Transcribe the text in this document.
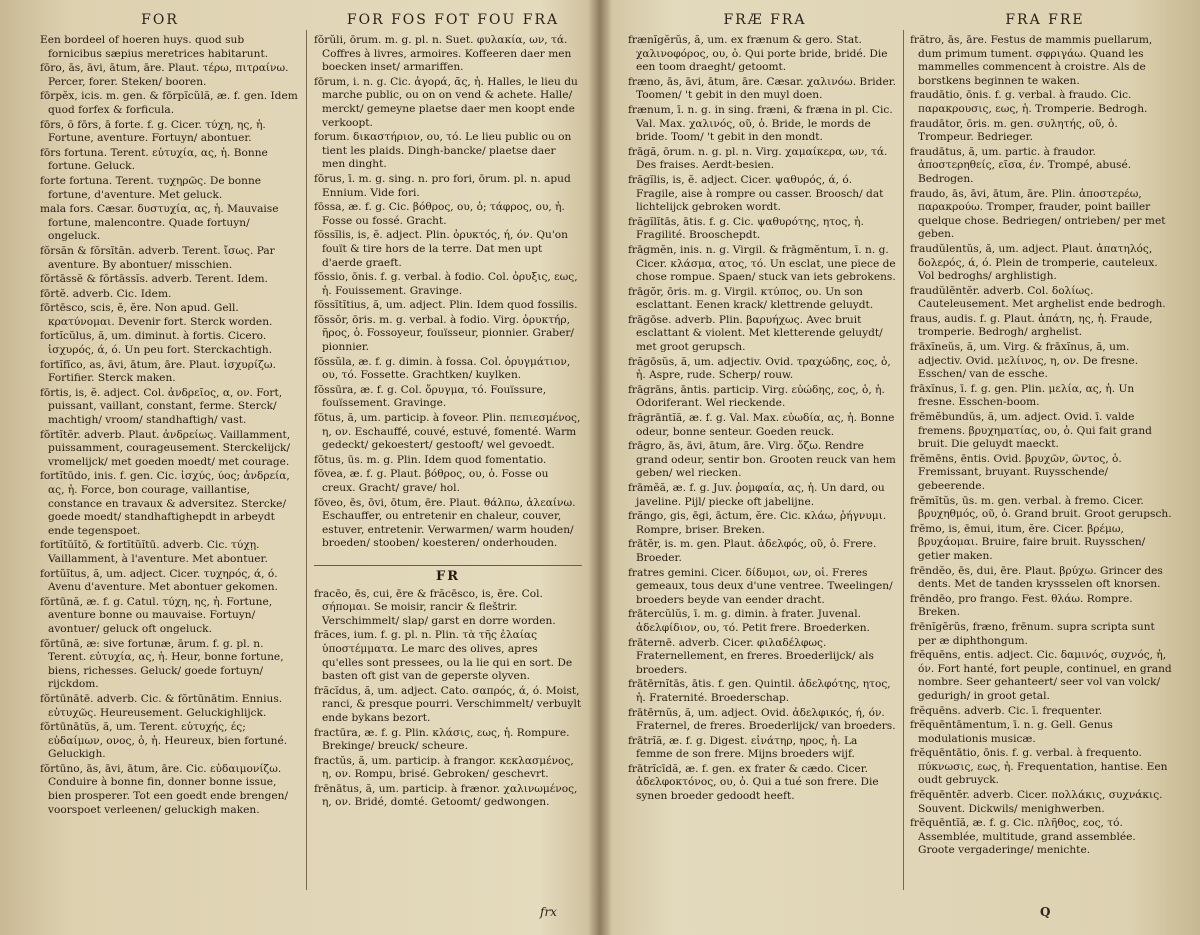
FOR	FOR FOS FOT FOU FRA	FRÆ FRA	FRA FRE
Een bordeel of hoeren huys. quod sub fornicibus sæpius meretrices habitarunt.
fōro, ās, āvi, ātum, āre. Plaut. τέρω, πιτραίνω. Percer, forer. Steken/ booren.
fōrpĕx, icis. m. gen. & fōrpĭcŭlă, æ. f. gen. Idem quod forfex & forficula.
fōrs, ō fōrs, ā forte. f. g. Cicer. τύχη, ης, ἡ. Fortune, aventure. Fortuyn/ abontuer.
fōrs fortuna. Terent. εὐτυχία, ας, ἡ. Bonne fortune. Geluck.
forte fortuna. Terent. τυχηρῶς. De bonne fortune, d'aventure. Met geluck.
mala fors. Cæsar. δυστυχία, ας, ἡ. Mauvaise fortune, malencontre. Quade fortuyn/ ongeluck.
fŏrsăn & fŏrsĭtăn. adverb. Terent. ἴσως. Par aventure. By abontuer/ misschien.
fŏrtāssĕ & fŏrtāssĭs. adverb. Terent. Idem.
fōrtĕ. adverb. Cic. Idem.
fōrtēsco, scis, ĕ, ĕre. Non apud. Gell. κρατύνομαι. Devenir fort. Sterck worden.
fortĭcŭlus, ă, um. diminut. à fortis. Cicero. ἰσχυρός, ά, ό. Un peu fort. Sterckachtigh.
fortĭfĭco, as, āvi, ātum, āre. Plaut. ἰσχυρίζω. Fortifier. Sterck maken.
fōrtis, is, ĕ. adject. Col. ἀνδρεῖος, α, ον. Fort, puissant, vaillant, constant, ferme. Sterck/ machtigh/ vroom/ standhaftigh/ vast.
fŏrtĭtĕr. adverb. Plaut. ἀνδρείως. Vaillamment, puissamment, courageusement. Sterckelijck/ vromelijck/ met goeden moedt/ met courage.
fortĭtūdo, inis. f. gen. Cic. ἰσχύς, ύος; ἀνδρεία, ας, ἡ. Force, bon courage, vaillantise, constance en travaux & adversitez. Stercke/ goede moedt/ standhaftighepdt in arbeydt ende tegenspoet.
fortĭtŭĭtŏ, & fortĭtŭĭtū. adverb. Cic. τύχῃ. Vaillamment, à l'aventure. Met abontuer.
fortŭĭtus, ă, um. adject. Cicer. τυχηρός, ά, ό. Avenu d'aventure. Met abontuer gekomen.
fŏrtūnă, æ. f. g. Catul. τύχη, ης, ἡ. Fortune, aventure bonne ou mauvaise. Fortuyn/ avontuer/ geluck oft ongeluck.
fŏrtūnă, æ: sive fortunæ, ārum. f. g. pl. n. Terent. εὐτυχία, ας, ἡ. Heur, bonne fortune, biens, richesses. Geluck/ goede fortuyn/ rijckdom.
fŏrtūnātē. adverb. Cic. & fŏrtūnātim. Ennius. εὐτυχῶς. Heureusement. Geluckighlijck.
fŏrtūnātŭs, ă, um. Terent. εὐτυχής, ές; εὐδαίμων, ονος, ὁ, ἡ. Heureux, bien fortuné. Geluckigh.
fŏrtūno, ās, āvi, ātum, āre. Cic. εὐδαιμονίζω. Conduire à bonne fin, donner bonne issue, bien prosperer. Tot een goedt ende brengen/ voorspoet verleenen/ geluckigh maken.
fŏrŭli, ōrum. m. g. pl. n. Suet. φυλακία, ων, τά. Coffres à livres, armoires. Koffeeren daer men boecken inset/ armariffen.
fōrum, i. n. g. Cic. ἀγορά, ᾶς, ἡ. Halles, le lieu du marche public, ou on on vend & achete. Halle/ merckt/ gemeyne plaetse daer men koopt ende verkoopt.
forum. δικαστήριον, ου, τό. Le lieu public ou on tient les plaids. Dingh-bancke/ plaetse daer men dinght.
fŏrus, ī. m. g. sing. n. pro fori, ōrum. pl. n. apud Ennium. Vide fori.
fōssa, æ. f. g. Cic. βόθρος, ου, ὁ; τάφρος, ου, ἡ. Fosse ou fossé. Gracht.
fŏssĭlis, is, ĕ. adject. Plin. ὀρυκτός, ή, όν. Qu'on fouït & tire hors de la terre. Dat men upt d'aerde graeft.
fŏssio, ōnis. f. g. verbal. à fodio. Col. ὀρυξις, εως, ἡ. Fouissement. Gravinge.
fŏssĭtĭtius, ă, um. adject. Plin. Idem quod fossilis.
fŏssŏr, ōris. m. g. verbal. à fodio. Virg. ὀρυκτήρ, ῆρος, ὁ. Fossoyeur, fouïsseur, pionnier. Graber/ pionnier.
fŏssŭla, æ. f. g. dimin. à fossa. Col. ὀρυγμάτιον, ου, τό. Fossette. Grachtken/ kuylken.
fŏssūra, æ. f. g. Col. ὄρυγμα, τό. Fouïssure, fouïssement. Gravinge.
fŏtus, ă, um. particip. à foveor. Plin. πεπιεσμένος, η, ον. Eschauffé, couvé, estuvé, fomenté. Warm gedeckt/ gekoestert/ gestooft/ wel gevoedt.
fŏtus, ūs. m. g. Plin. Idem quod fomentatio.
fŏvea, æ. f. g. Plaut. βόθρος, ου, ὁ. Fosse ou creux. Gracht/ grave/ hol.
fŏveo, ēs, ōvi, ōtum, ēre. Plaut. θάλπω, ἀλεαίνω. Eschauffer, ou entretenir en chaleur, couver, estuver, entretenir. Verwarmen/ warm houden/ broeden/ stooben/ koesteren/ onderhouden.
FR
fracēo, ēs, cui, ēre & frăcēsco, is, ēre. Col. σήπομαι. Se moisir, rancir & fleštrir. Verschimmelt/ slap/ garst en dorre worden.
frăces, ium. f. g. pl. n. Plin. τὰ τῆς ἐλαίας ὑποστέμματα. Le marc des olives, apres qu'elles sont pressees, ou la lie qui en sort. De basten oft gist van de geperste olyven.
frăcĭdus, ă, um. adject. Cato. σαπρός, ά, ό. Moist, ranci, & presque pourri. Verschimmelt/ verbuylt ende bykans bezort.
fractūra, æ. f. g. Plin. κλάσις, εως, ἡ. Rompure. Brekinge/ breuck/ scheure.
fractŭs, ă, um. particip. à frangor. κεκλασμένος, η, ον. Rompu, brisé. Gebroken/ geschevrt.
frēnātus, ă, um. particip. à frænor. χαλινωμένος, η, ον. Bridé, domté. Getoomt/ gedwongen.
frænĭgĕrŭs, ă, um. ex frænum & gero. Stat. χαλινοφόρος, ου, ὁ. Qui porte bride, bridé. Die een toom draeght/ getoomt.
fræno, ās, āvi, ātum, āre. Cæsar. χαλινόω. Brider. Toomen/ 't gebit in den muyl doen.
frænum, ī. n. g. in sing. fræni, & fræna in pl. Cic. Val. Max. χαλινός, οῦ, ὁ. Bride, le mords de bride. Toom/ 't gebit in den mondt.
frāgă, ōrum. n. g. pl. n. Virg. χαμαίκερα, ων, τά. Des fraises. Aerdt-besien.
frăgĭlis, is, ĕ. adject. Cicer. ψαθυρός, ά, ό. Fragile, aise à rompre ou casser. Broosch/ dat lichtelijck gebroken wordt.
frăgĭlĭtās, ātis. f. g. Cic. ψαθυρότης, ητος, ἡ. Fragilité. Brooschepdt.
frāgmĕn, inis. n. g. Virgil. & frāgmĕntum, ī. n. g. Cicer. κλάσμα, ατος, τό. Un esclat, une piece de chose rompue. Spaen/ stuck van iets gebrokens.
frāgŏr, ōris. m. g. Virgil. κτύπος, ου. Un son esclattant. Eenen krack/ klettrende geluydt.
frāgōse. adverb. Plin. βαρυήχως. Avec bruit esclattant & violent. Met kletterende geluydt/ met groot gerupsch.
frăgōsŭs, ă, um. adjectiv. Ovid. τραχώδης, εος, ὁ, ἡ. Aspre, rude. Scherp/ rouw.
frāgrāns, āntis. particip. Virg. εὐώδης, εος, ὁ, ἡ. Odoriferant. Wel rieckende.
frăgrāntĭă, æ. f. g. Val. Max. εὐωδία, ας, ἡ. Bonne odeur, bonne senteur. Goeden reuck.
frāgro, ās, āvi, ātum, āre. Virg. ὄζω. Rendre grand odeur, sentir bon. Grooten reuck van hem geben/ wel riecken.
frāmĕă, æ. f. g. Juv. ῥομφαία, ας, ἡ. Un dard, ou javeline. Pijl/ piecke oft jabelijne.
frăngo, gis, ēgi, āctum, ĕre. Cic. κλάω, ῥήγνυμι. Rompre, briser. Breken.
frātĕr, is. m. gen. Plaut. ἀδελφός, οῦ, ὁ. Frere. Broeder.
fratres gemini. Cicer. δίδυμοι, ων, οἱ. Freres gemeaux, tous deux d'une ventree. Tweelingen/ broeders beyde van eender dracht.
frātercŭlŭs, ī. m. g. dimin. à frater. Juvenal. ἀδελφίδιον, ου, τό. Petit frere. Broederken.
frāternē. adverb. Cicer. φιλαδέλφως. Fraternellement, en freres. Broederlijck/ als broeders.
frātērnĭtās, ātis. f. gen. Quintil. ἀδελφότης, ητος, ἡ. Fraternité. Broederschap.
frātērnŭs, ă, um. adject. Ovid. ἀδελφικός, ή, όν. Fraternel, de freres. Broederlijck/ van broeders.
frātrĭă, æ. f. g. Digest. εἰνάτηρ, ηρος, ἡ. La femme de son frere. Mijns broeders wijf.
frātrĭcīdă, æ. f. gen. ex frater & cædo. Cicer. ἀδελφοκτόνος, ου, ὁ. Qui a tué son frere. Die synen broeder gedoodt heeft.
frătro, ās, āre. Festus de mammis puellarum, dum primum tument. σφριγάω. Quand les mammelles commencent à croistre. Als de borstkens beginnen te waken.
fraudātio, ōnis. f. g. verbal. à fraudo. Cic. παρακρουσις, εως, ἡ. Tromperie. Bedrogh.
fraudātor, ōris. m. gen. συλητής, οῦ, ὁ. Trompeur. Bedrieger.
fraudātus, ă, um. partic. à fraudor. ἀποστερηθείς, εῖσα, έν. Trompé, abusé. Bedrogen.
fraudo, ās, āvi, ātum, āre. Plin. ἀποστερέω, παρακρούω. Tromper, frauder, point bailler quelque chose. Bedriegen/ ontrieben/ per met geben.
fraudŭlentŭs, ă, um. adject. Plaut. ἀπατηλός, δολερός, ά, ό. Plein de tromperie, cauteleux. Vol bedroghs/ arghlistigh.
fraudŭlĕntĕr. adverb. Col. δολίως. Cauteleusement. Met arghelist ende bedrogh.
fraus, audis. f. g. Plaut. ἀπάτη, ης, ἡ. Fraude, tromperie. Bedrogh/ arghelist.
frāxĭneŭs, ă, um. Virg. & frāxĭnus, ă, um. adjectiv. Ovid. μελίινος, η, ον. De fresne. Esschen/ van de essche.
frāxĭnus, ī. f. g. gen. Plin. μελία, ας, ἡ. Un fresne. Esschen-boom.
frĕmĕbundŭs, ă, um. adject. Ovid. ī. valde fremens. βρυχηματίας, ου, ὁ. Qui fait grand bruit. Die geluydt maeckt.
frĕmēns, ēntis. Ovid. βρυχῶν, ῶντος, ὁ. Fremissant, bruyant. Ruysschende/ gebeerende.
frĕmĭtŭs, ūs. m. gen. verbal. à fremo. Cicer. βρυχηθμός, οῦ, ὁ. Grand bruit. Groot gerupsch.
frĕmo, is, ēmui, itum, ĕre. Cicer. βρέμω, βρυχάομαι. Bruire, faire bruit. Ruysschen/ getier maken.
frēndĕo, ēs, dui, ēre. Plaut. βρύχω. Grincer des dents. Met de tanden kryssselen oft knorsen.
frēndēo, pro frango. Fest. θλάω. Rompre. Breken.
frēnĭgĕrŭs, fræno, frēnum. supra scripta sunt per æ diphthongum.
frĕquēns, entis. adject. Cic. δαμινός, συχνός, ἡ, όν. Fort hanté, fort peuple, continuel, en grand nombre. Seer gehanteert/ seer vol van volck/ gedurigh/ in groot getal.
frĕquēns. adverb. Cic. ī. frequenter.
frĕquēntāmentum, ī. n. g. Gell. Genus modulationis musicæ.
frĕquēntātio, ōnis. f. g. verbal. à frequento. πύκνωσις, εως, ἡ. Frequentation, hantise. Een oudt gebruyck.
frĕquēntĕr. adverb. Cicer. πολλάκις, συχνάκις. Souvent. Dickwils/ menighwerben.
frĕquēntĭă, æ. f. g. Cic. πλῆθος, εος, τό. Assemblée, multitude, grand assemblée. Groote vergaderinge/ menichte.
frx	Q
